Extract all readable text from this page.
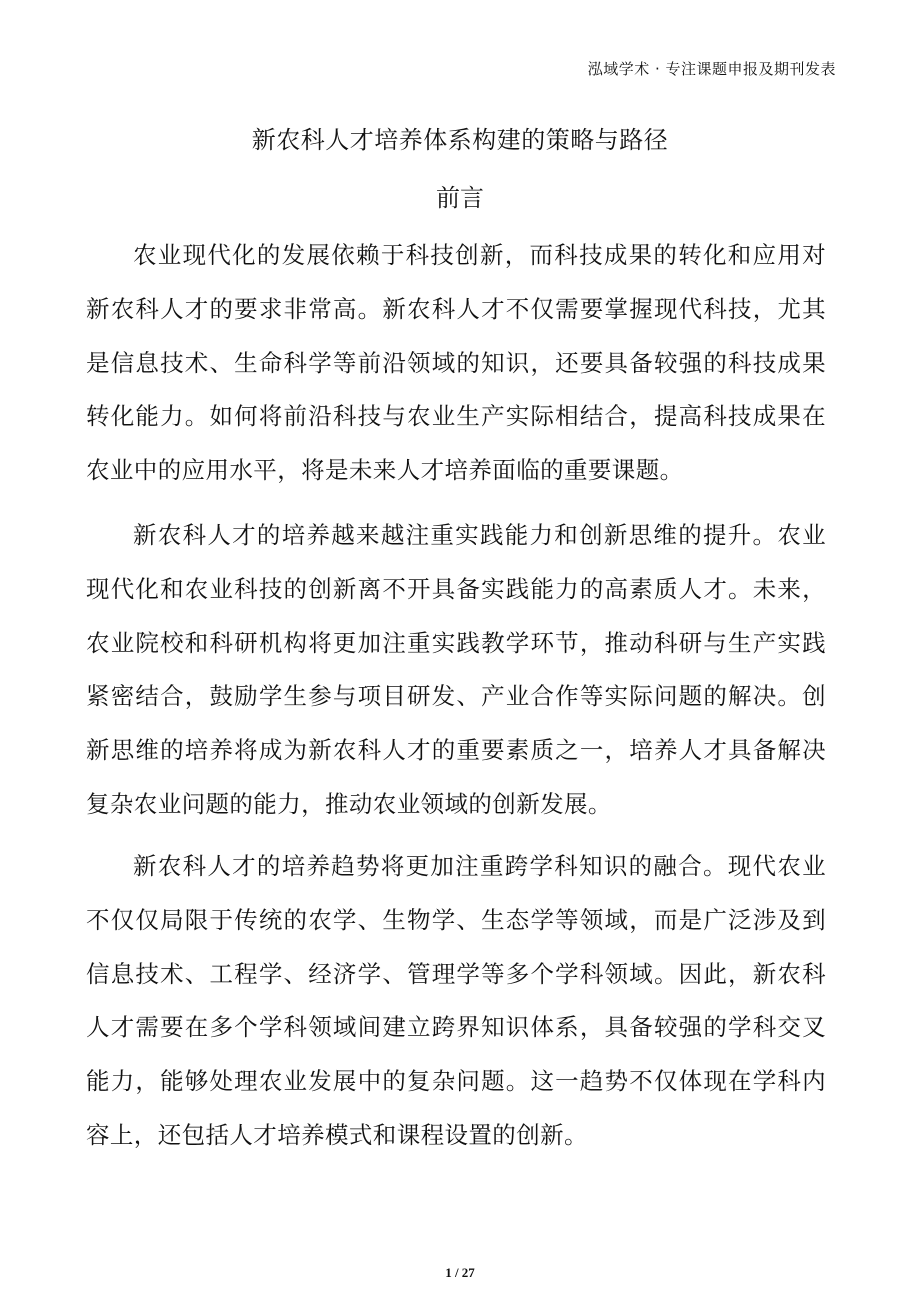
泓域学术 · 专注课题申报及期刊发表
新农科人才培养体系构建的策略与路径
前言

农业现代化的发展依赖于科技创新，而科技成果的转化和应用对新农科人才的要求非常高。新农科人才不仅需要掌握现代科技，尤其是信息技术、生命科学等前沿领域的知识，还要具备较强的科技成果转化能力。如何将前沿科技与农业生产实际相结合，提高科技成果在农业中的应用水平，将是未来人才培养面临的重要课题。

新农科人才的培养越来越注重实践能力和创新思维的提升。农业现代化和农业科技的创新离不开具备实践能力的高素质人才。未来，农业院校和科研机构将更加注重实践教学环节，推动科研与生产实践紧密结合，鼓励学生参与项目研发、产业合作等实际问题的解决。创新思维的培养将成为新农科人才的重要素质之一，培养人才具备解决复杂农业问题的能力，推动农业领域的创新发展。

新农科人才的培养趋势将更加注重跨学科知识的融合。现代农业不仅仅局限于传统的农学、生物学、生态学等领域，而是广泛涉及到信息技术、工程学、经济学、管理学等多个学科领域。因此，新农科人才需要在多个学科领域间建立跨界知识体系，具备较强的学科交叉能力，能够处理农业发展中的复杂问题。这一趋势不仅体现在学科内容上，还包括人才培养模式和课程设置的创新。

1 / 27
